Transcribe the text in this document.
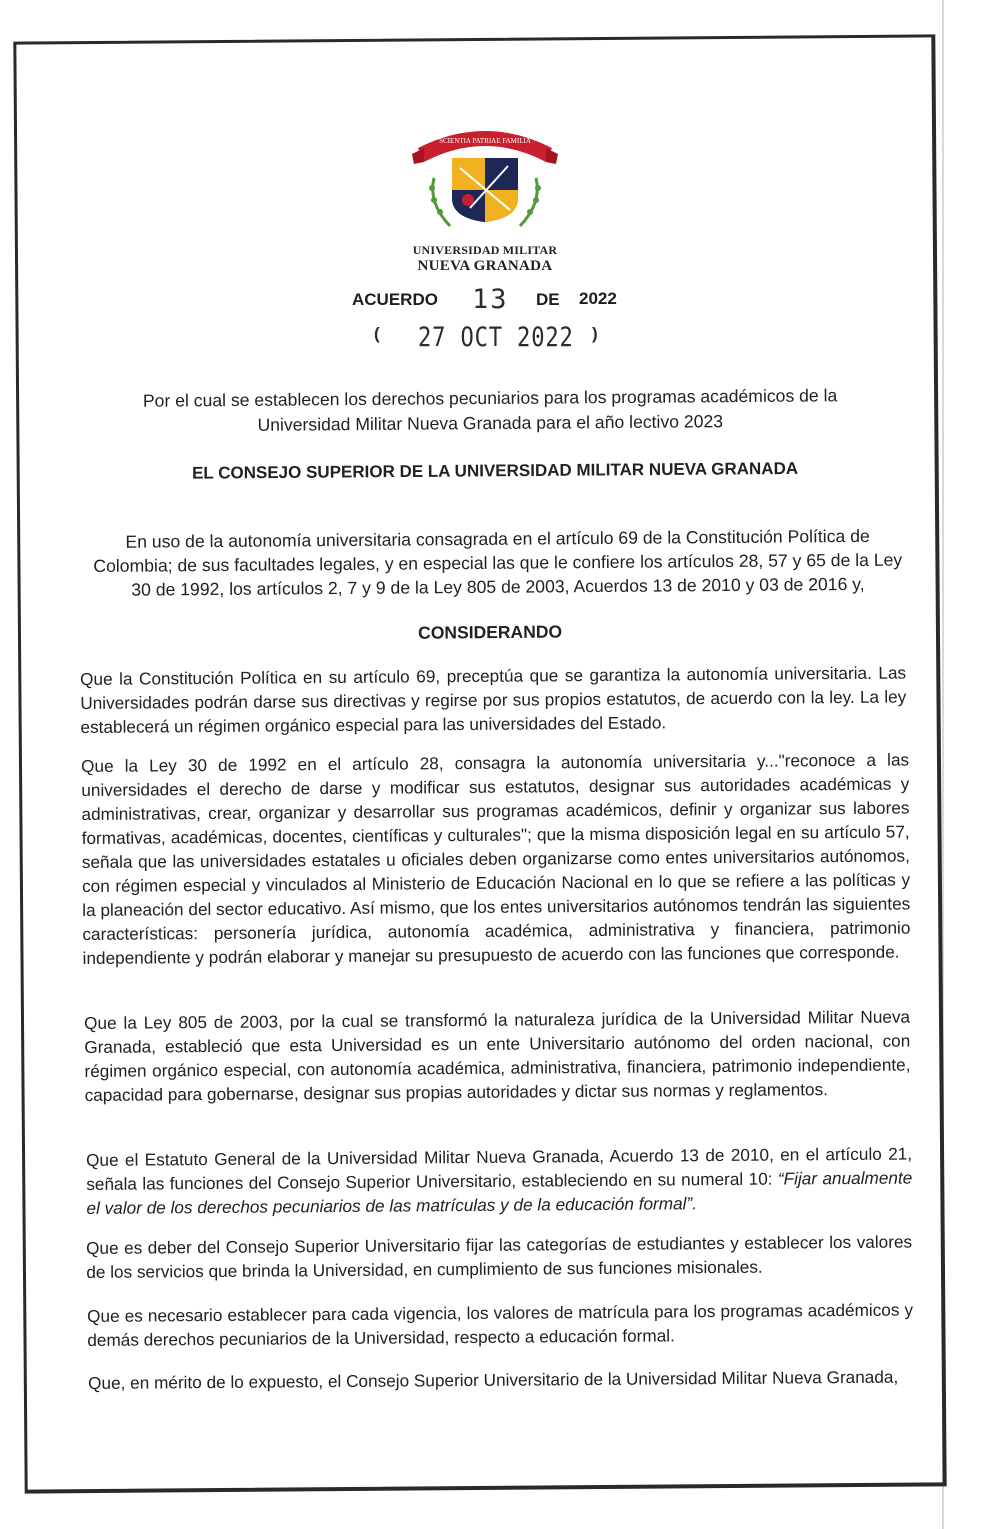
SCIENTIA PATRIAE FAMILIA
UNIVERSIDAD MILITAR
NUEVA GRANADA
ACUERDO 13 DE 2022
( 27 OCT 2022 )
Por el cual se establecen los derechos pecuniarios para los programas académicos de la Universidad Militar Nueva Granada para el año lectivo 2023
EL CONSEJO SUPERIOR DE LA UNIVERSIDAD MILITAR NUEVA GRANADA
En uso de la autonomía universitaria consagrada en el artículo 69 de la Constitución Política de Colombia; de sus facultades legales, y en especial las que le confiere los artículos 28, 57 y 65 de la Ley 30 de 1992, los artículos 2, 7 y 9 de la Ley 805 de 2003, Acuerdos 13 de 2010 y 03 de 2016 y,
CONSIDERANDO
Que la Constitución Política en su artículo 69, preceptúa que se garantiza la autonomía universitaria. Las Universidades podrán darse sus directivas y regirse por sus propios estatutos, de acuerdo con la ley. La ley establecerá un régimen orgánico especial para las universidades del Estado.
Que la Ley 30 de 1992 en el artículo 28, consagra la autonomía universitaria y..."reconoce a las universidades el derecho de darse y modificar sus estatutos, designar sus autoridades académicas y administrativas, crear, organizar y desarrollar sus programas académicos, definir y organizar sus labores formativas, académicas, docentes, científicas y culturales"; que la misma disposición legal en su artículo 57, señala que las universidades estatales u oficiales deben organizarse como entes universitarios autónomos, con régimen especial y vinculados al Ministerio de Educación Nacional en lo que se refiere a las políticas y la planeación del sector educativo. Así mismo, que los entes universitarios autónomos tendrán las siguientes características: personería jurídica, autonomía académica, administrativa y financiera, patrimonio independiente y podrán elaborar y manejar su presupuesto de acuerdo con las funciones que corresponde.
Que la Ley 805 de 2003, por la cual se transformó la naturaleza jurídica de la Universidad Militar Nueva Granada, estableció que esta Universidad es un ente Universitario autónomo del orden nacional, con régimen orgánico especial, con autonomía académica, administrativa, financiera, patrimonio independiente, capacidad para gobernarse, designar sus propias autoridades y dictar sus normas y reglamentos.
Que el Estatuto General de la Universidad Militar Nueva Granada, Acuerdo 13 de 2010, en el artículo 21, señala las funciones del Consejo Superior Universitario, estableciendo en su numeral 10: “Fijar anualmente el valor de los derechos pecuniarios de las matrículas y de la educación formal”.
Que es deber del Consejo Superior Universitario fijar las categorías de estudiantes y establecer los valores de los servicios que brinda la Universidad, en cumplimiento de sus funciones misionales.
Que es necesario establecer para cada vigencia, los valores de matrícula para los programas académicos y demás derechos pecuniarios de la Universidad, respecto a educación formal.
Que, en mérito de lo expuesto, el Consejo Superior Universitario de la Universidad Militar Nueva Granada,
